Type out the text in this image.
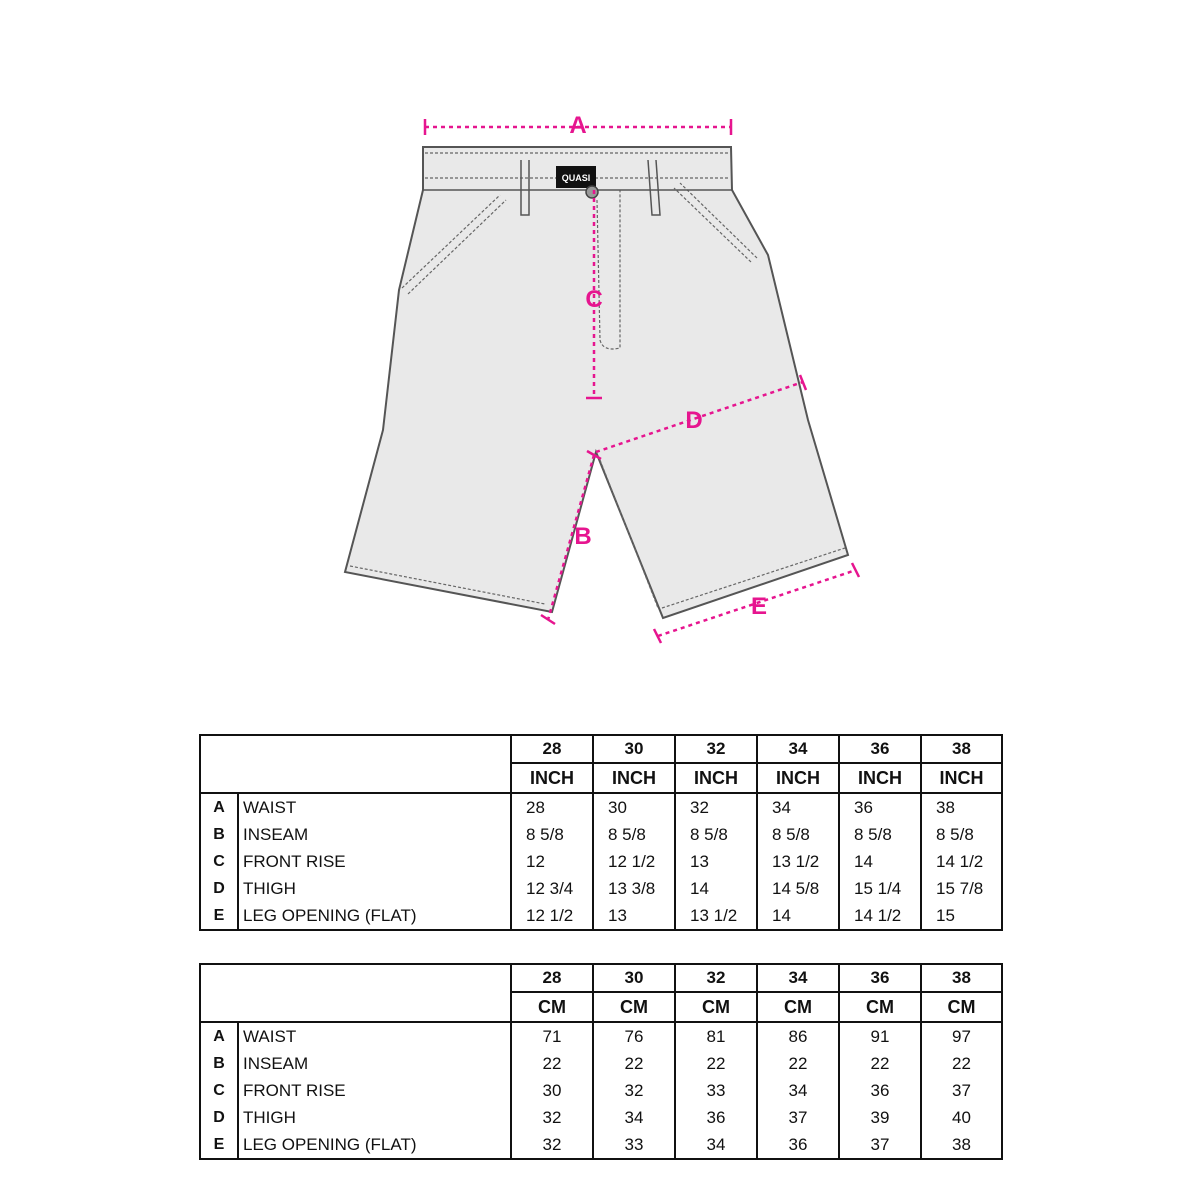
QUASI
A
C
D
B
E
		28	30	32	34	36	38
		INCH	INCH	INCH	INCH	INCH	INCH
A	WAIST	28	30	32	34	36	38
B	INSEAM	8 5/8	8 5/8	8 5/8	8 5/8	8 5/8	8 5/8
C	FRONT RISE	12	12 1/2	13	13 1/2	14	14 1/2
D	THIGH	12 3/4	13 3/8	14	14 5/8	15 1/4	15 7/8
E	LEG OPENING (FLAT)	12 1/2	13	13 1/2	14	14 1/2	15
		28	30	32	34	36	38
		CM	CM	CM	CM	CM	CM
A	WAIST	71	76	81	86	91	97
B	INSEAM	22	22	22	22	22	22
C	FRONT RISE	30	32	33	34	36	37
D	THIGH	32	34	36	37	39	40
E	LEG OPENING (FLAT)	32	33	34	36	37	38
